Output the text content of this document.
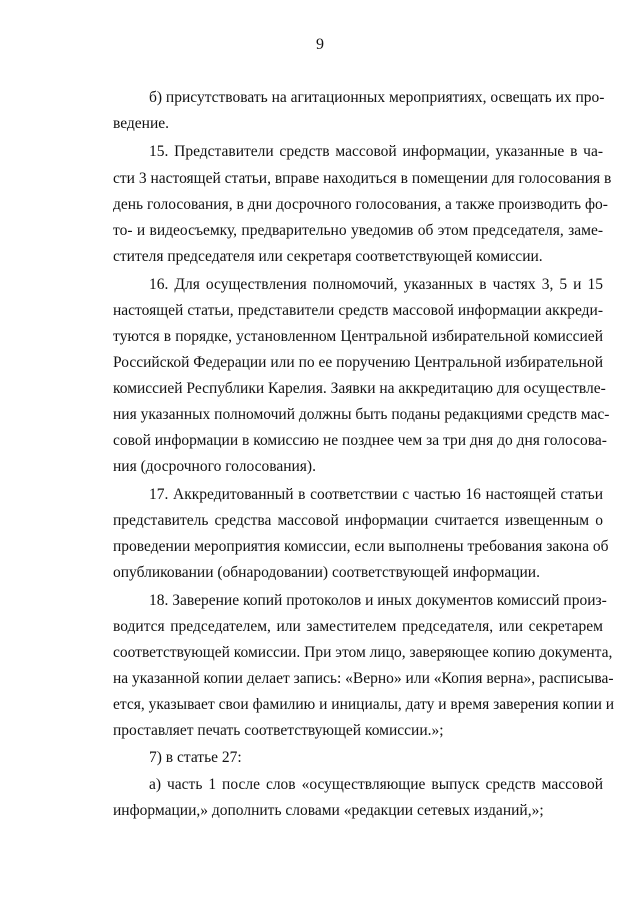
9
б) присутствовать на агитационных мероприятиях, освещать их про-
ведение.
15. Представители средств массовой информации, указанные в ча-
сти 3 настоящей статьи, вправе находиться в помещении для голосования в
день голосования, в дни досрочного голосования, а также производить фо-
то- и видеосъемку, предварительно уведомив об этом председателя, заме-
стителя председателя или секретаря соответствующей комиссии.
16. Для осуществления полномочий, указанных в частях 3, 5 и 15
настоящей статьи, представители средств массовой информации аккреди-
туются в порядке, установленном Центральной избирательной комиссией
Российской Федерации или по ее поручению Центральной избирательной
комиссией Республики Карелия. Заявки на аккредитацию для осуществле-
ния указанных полномочий должны быть поданы редакциями средств мас-
совой информации в комиссию не позднее чем за три дня до дня голосова-
ния (досрочного голосования).
17. Аккредитованный в соответствии с частью 16 настоящей статьи
представитель средства массовой информации считается извещенным о
проведении мероприятия комиссии, если выполнены требования закона об
опубликовании (обнародовании) соответствующей информации.
18. Заверение копий протоколов и иных документов комиссий произ-
водится председателем, или заместителем председателя, или секретарем
соответствующей комиссии. При этом лицо, заверяющее копию документа,
на указанной копии делает запись: «Верно» или «Копия верна», расписыва-
ется, указывает свои фамилию и инициалы, дату и время заверения копии и
проставляет печать соответствующей комиссии.»;
7) в статье 27:
а) часть 1 после слов «осуществляющие выпуск средств массовой
информации,» дополнить словами «редакции сетевых изданий,»;
